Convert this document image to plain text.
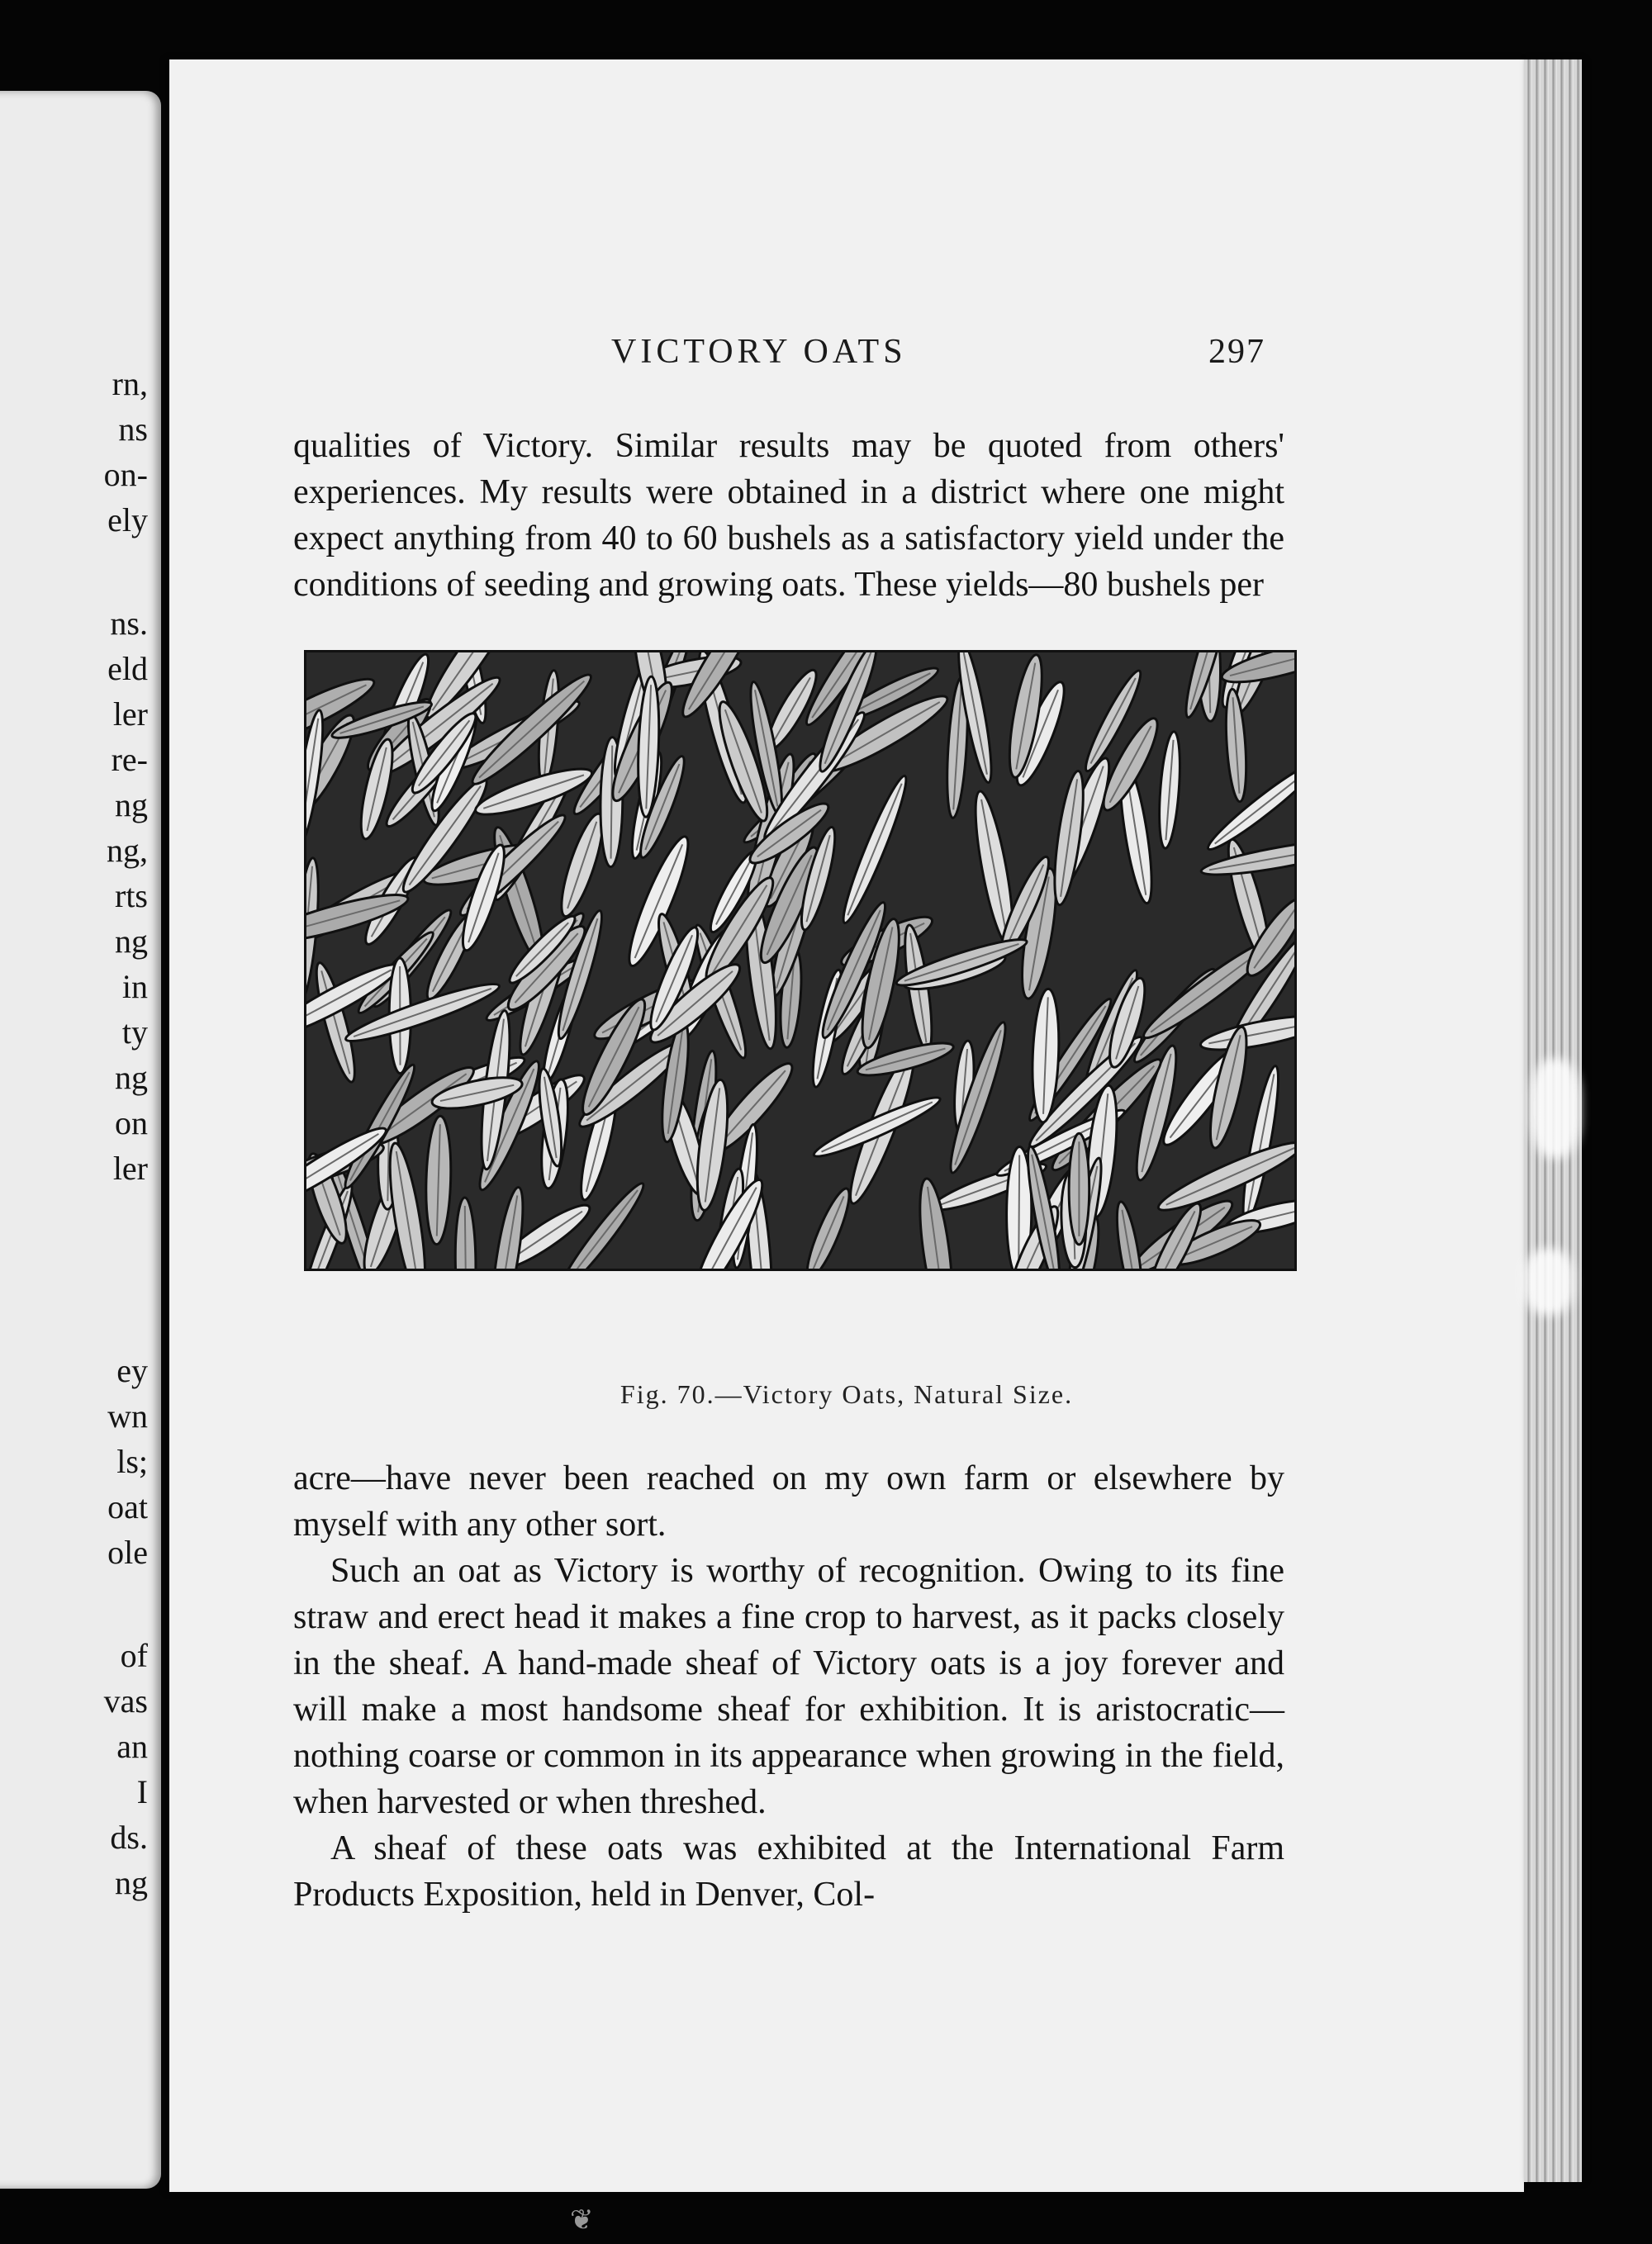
rn,
ns
on-
ely
ns.
eld
ler
re-
ng
ng,
rts
ng
in
ty
ng
on
ler
ey
wn
ls;
oat
ole
of
vas
an
I
ds.
ng
VICTORY OATS	297

qualities of Victory. Similar results may be quoted from others' experiences. My results were obtained in a district where one might expect anything from 40 to 60 bushels as a satisfactory yield under the conditions of seeding and growing oats. These yields—80 bushels per

Fig. 70.—Victory Oats, Natural Size.

acre—have never been reached on my own farm or elsewhere by myself with any other sort.

Such an oat as Victory is worthy of recognition. Owing to its fine straw and erect head it makes a fine crop to harvest, as it packs closely in the sheaf. A hand-made sheaf of Victory oats is a joy forever and will make a most handsome sheaf for exhibition. It is aristocratic—nothing coarse or common in its appearance when growing in the field, when harvested or when threshed.

A sheaf of these oats was exhibited at the International Farm Products Exposition, held in Denver, Col-

❦
